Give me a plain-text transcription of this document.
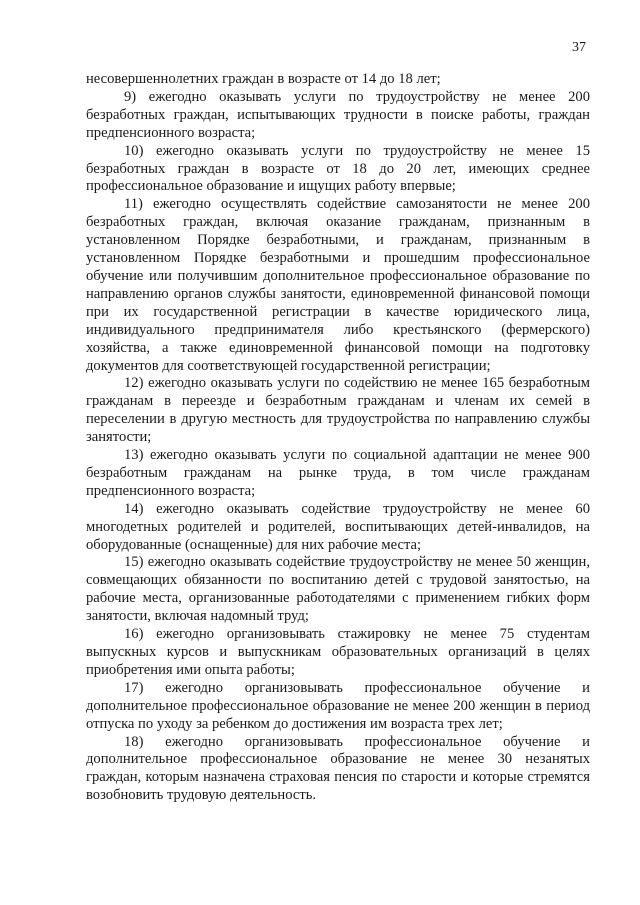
37

несовершеннолетних граждан в возрасте от 14 до 18 лет;

9) ежегодно оказывать услуги по трудоустройству не менее 200 безработных граждан, испытывающих трудности в поиске работы, граждан предпенсионного возраста;

10) ежегодно оказывать услуги по трудоустройству не менее 15 безработных граждан в возрасте от 18 до 20 лет, имеющих среднее профессиональное образование и ищущих работу впервые;

11) ежегодно осуществлять содействие самозанятости не менее 200 безработных граждан, включая оказание гражданам, признанным в установленном Порядке безработными, и гражданам, признанным в установленном Порядке безработными и прошедшим профессиональное обучение или получившим дополнительное профессиональное образование по направлению органов службы занятости, единовременной финансовой помощи при их государственной регистрации в качестве юридического лица, индивидуального предпринимателя либо крестьянского (фермерского) хозяйства, а также единовременной финансовой помощи на подготовку документов для соответствующей государственной регистрации;

12) ежегодно оказывать услуги по содействию не менее 165 безработным гражданам в переезде и безработным гражданам и членам их семей в переселении в другую местность для трудоустройства по направлению службы занятости;

13) ежегодно оказывать услуги по социальной адаптации не менее 900 безработным гражданам на рынке труда, в том числе гражданам предпенсионного возраста;

14) ежегодно оказывать содействие трудоустройству не менее 60 многодетных родителей и родителей, воспитывающих детей-инвалидов, на оборудованные (оснащенные) для них рабочие места;

15) ежегодно оказывать содействие трудоустройству не менее 50 женщин, совмещающих обязанности по воспитанию детей с трудовой занятостью, на рабочие места, организованные работодателями с применением гибких форм занятости, включая надомный труд;

16) ежегодно организовывать стажировку не менее 75 студентам выпускных курсов и выпускникам образовательных организаций в целях приобретения ими опыта работы;

17) ежегодно организовывать профессиональное обучение и дополнительное профессиональное образование не менее 200 женщин в период отпуска по уходу за ребенком до достижения им возраста трех лет;

18) ежегодно организовывать профессиональное обучение и дополнительное профессиональное образование не менее 30 незанятых граждан, которым назначена страховая пенсия по старости и которые стремятся возобновить трудовую деятельность.
